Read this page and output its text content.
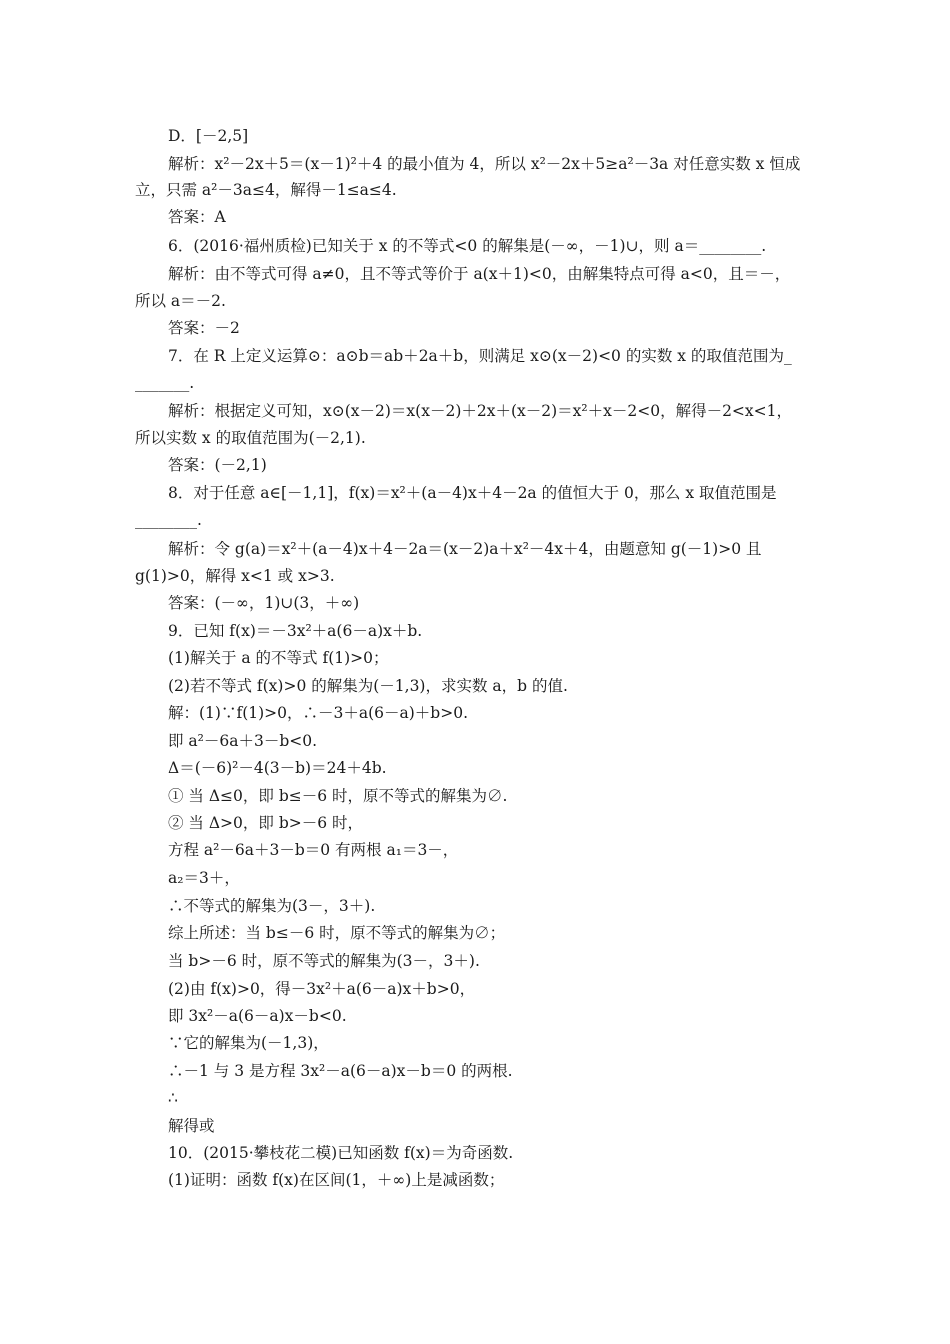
D．[－2,5]
解析：x²－2x＋5＝(x－1)²＋4 的最小值为 4，所以 x²－2x＋5≥a²－3a 对任意实数 x 恒成
立，只需 a²－3a≤4，解得－1≤a≤4.
答案：A
6．(2016·福州质检)已知关于 x 的不等式<0 的解集是(－∞，－1)∪，则 a＝________.
解析：由不等式可得 a≠0，且不等式等价于 a(x＋1)<0，由解集特点可得 a<0，且＝－，
所以 a＝－2.
答案：－2
7．在 R 上定义运算⊙：a⊙b＝ab＋2a＋b，则满足 x⊙(x－2)<0 的实数 x 的取值范围为_
_______.
解析：根据定义可知，x⊙(x－2)＝x(x－2)＋2x＋(x－2)＝x²＋x－2<0，解得－2<x<1，
所以实数 x 的取值范围为(－2,1).
答案：(－2,1)
8．对于任意 a∈[－1,1]，f(x)＝x²＋(a－4)x＋4－2a 的值恒大于 0，那么 x 取值范围是
________.
解析：令 g(a)＝x²＋(a－4)x＋4－2a＝(x－2)a＋x²－4x＋4，由题意知 g(－1)>0 且
g(1)>0，解得 x<1 或 x>3.
答案：(－∞，1)∪(3，＋∞)
9．已知 f(x)＝－3x²＋a(6－a)x＋b.
(1)解关于 a 的不等式 f(1)>0；
(2)若不等式 f(x)>0 的解集为(－1,3)，求实数 a，b 的值.
解：(1)∵f(1)>0，∴－3＋a(6－a)＋b>0.
即 a²－6a＋3－b<0.
Δ＝(－6)²－4(3－b)＝24＋4b.
① 当 Δ≤0，即 b≤－6 时，原不等式的解集为∅.
② 当 Δ>0，即 b>－6 时，
方程 a²－6a＋3－b＝0 有两根 a₁＝3－，
a₂＝3＋，
∴不等式的解集为(3－，3＋).
综上所述：当 b≤－6 时，原不等式的解集为∅；
当 b>－6 时，原不等式的解集为(3－，3＋).
(2)由 f(x)>0，得－3x²＋a(6－a)x＋b>0，
即 3x²－a(6－a)x－b<0.
∵它的解集为(－1,3)，
∴－1 与 3 是方程 3x²－a(6－a)x－b＝0 的两根.
∴
解得或
10．(2015·攀枝花二模)已知函数 f(x)＝为奇函数.
(1)证明：函数 f(x)在区间(1，＋∞)上是减函数；
